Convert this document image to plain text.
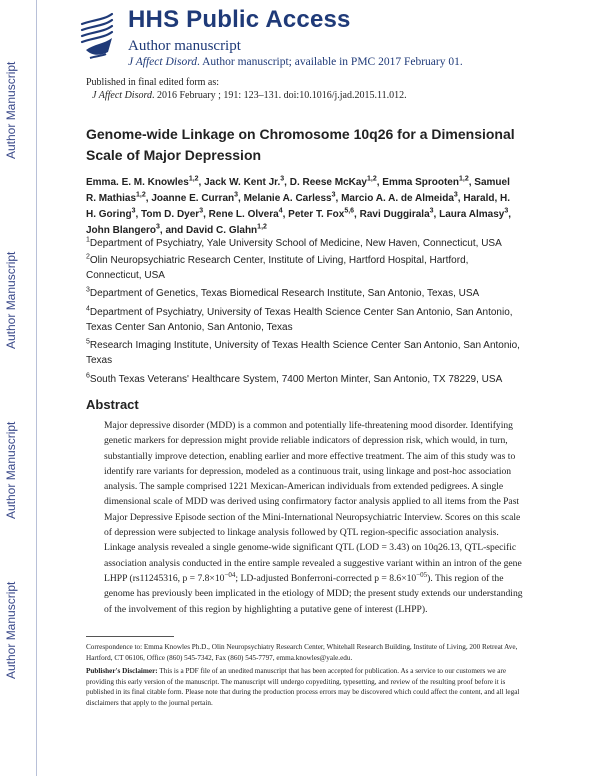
Author Manuscript
Author Manuscript
Author Manuscript
Author Manuscript
HHS Public Access
Author manuscript
J Affect Disord. Author manuscript; available in PMC 2017 February 01.
Published in final edited form as:
J Affect Disord. 2016 February ; 191: 123–131. doi:10.1016/j.jad.2015.11.012.
Genome-wide Linkage on Chromosome 10q26 for a Dimensional Scale of Major Depression
Emma. E. M. Knowles$^{1,2}$, Jack W. Kent Jr.$^3$, D. Reese McKay$^{1,2}$, Emma Sprooten$^{1,2}$, Samuel R. Mathias$^{1,2}$, Joanne E. Curran$^3$, Melanie A. Carless$^3$, Marcio A. A. de Almeida$^3$, Harald, H. H. Goring$^3$, Tom D. Dyer$^3$, Rene L. Olvera$^4$, Peter T. Fox$^{5,6}$, Ravi Duggirala$^3$, Laura Almasy$^3$, John Blangero$^3$, and David C. Glahn$^{1,2}$
$^1$Department of Psychiatry, Yale University School of Medicine, New Haven, Connecticut, USA
$^2$Olin Neuropsychiatric Research Center, Institute of Living, Hartford Hospital, Hartford, Connecticut, USA
$^3$Department of Genetics, Texas Biomedical Research Institute, San Antonio, Texas, USA
$^4$Department of Psychiatry, University of Texas Health Science Center San Antonio, San Antonio, Texas Center San Antonio, San Antonio, Texas
$^5$Research Imaging Institute, University of Texas Health Science Center San Antonio, San Antonio, Texas
$^6$South Texas Veterans' Healthcare System, 7400 Merton Minter, San Antonio, TX 78229, USA
Abstract
Major depressive disorder (MDD) is a common and potentially life-threatening mood disorder. Identifying genetic markers for depression might provide reliable indicators of depression risk, which would, in turn, substantially improve detection, enabling earlier and more effective treatment. The aim of this study was to identify rare variants for depression, modeled as a continuous trait, using linkage and post-hoc association analysis. The sample comprised 1221 Mexican-American individuals from extended pedigrees. A single dimensional scale of MDD was derived using confirmatory factor analysis applied to all items from the Past Major Depressive Episode section of the Mini-International Neuropsychiatric Interview. Scores on this scale of depression were subjected to linkage analysis followed by QTL region-specific association analysis. Linkage analysis revealed a single genome-wide significant QTL (LOD = 3.43) on 10q26.13, QTL-specific association analysis conducted in the entire sample revealed a suggestive variant within an intron of the gene LHPP (rs11245316, $p = 7.8\times 10^{-04}$; LD-adjusted Bonferroni-corrected $p = 8.6\times 10^{-05}$). This region of the genome has previously been implicated in the etiology of MDD; the present study extends our understanding of the involvement of this region by highlighting a putative gene of interest (LHPP).
Correspondence to: Emma Knowles Ph.D., Olin Neuropsychiatry Research Center, Whitehall Research Building, Institute of Living, 200 Retreat Ave, Hartford, CT 06106, Office (860) 545-7342, Fax (860) 545-7797, emma.knowles@yale.edu.
Publisher's Disclaimer: This is a PDF file of an unedited manuscript that has been accepted for publication. As a service to our customers we are providing this early version of the manuscript. The manuscript will undergo copyediting, typesetting, and review of the resulting proof before it is published in its final citable form. Please note that during the production process errors may be discovered which could affect the content, and all legal disclaimers that apply to the journal pertain.
